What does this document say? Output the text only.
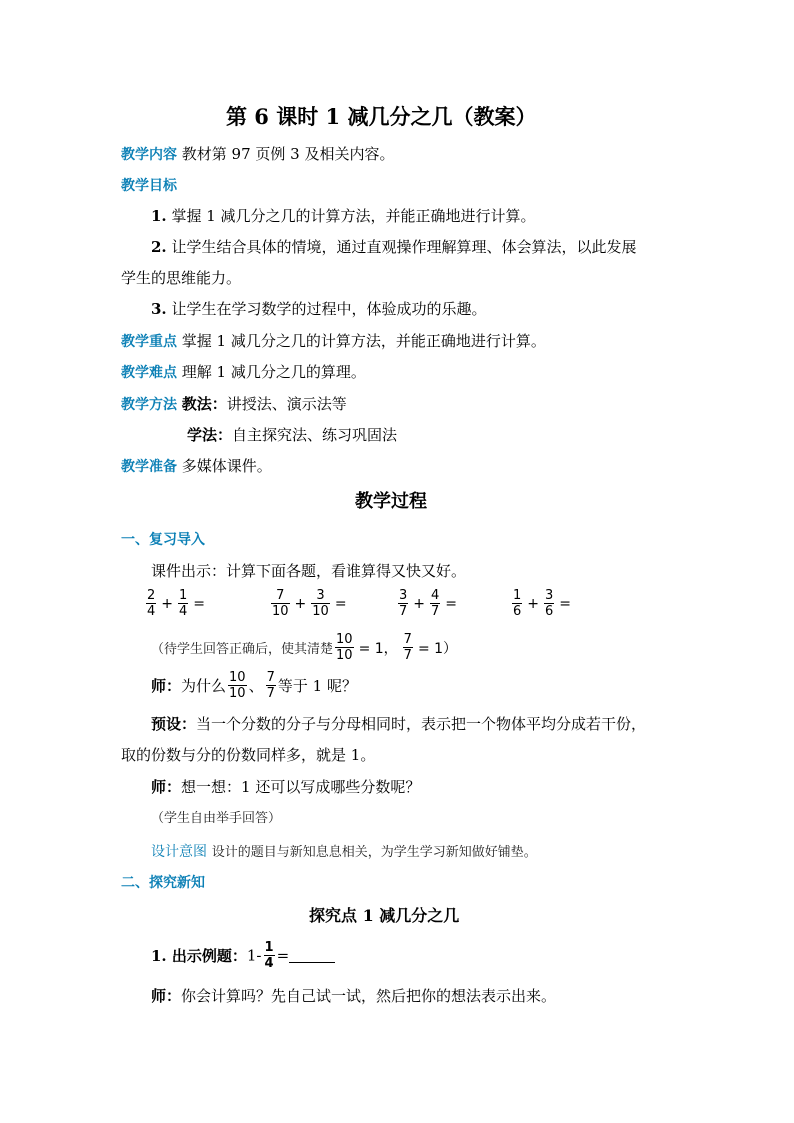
第 6 课时 1 减几分之几（教案）
教学内容 教材第 97 页例 3 及相关内容。
教学目标
1. 掌握 1 减几分之几的计算方法，并能正确地进行计算。
2. 让学生结合具体的情境，通过直观操作理解算理、体会算法，以此发展
学生的思维能力。
3. 让学生在学习数学的过程中，体验成功的乐趣。
教学重点 掌握 1 减几分之几的计算方法，并能正确地进行计算。
教学难点 理解 1 减几分之几的算理。
教学方法 教法：讲授法、演示法等
学法：自主探究法、练习巩固法
教学准备 多媒体课件。
教学过程
一、复习导入
课件出示：计算下面各题，看谁算得又快又好。
$\frac{2}{4} + \frac{1}{4}$ =	$\frac{7}{10} + \frac{3}{10}$ =	$\frac{3}{7} + \frac{4}{7}$ =	$\frac{1}{6} + \frac{3}{6}$ =
（待学生回答正确后，使其清楚 $\frac{10}{10} = 1$， $\frac{7}{7} = 1$）
师：为什么 $\frac{10}{10}$ 、 $\frac{7}{7}$ 等于 1 呢？
预设：当一个分数的分子与分母相同时，表示把一个物体平均分成若干份，
取的份数与分的份数同样多，就是 1。
师：想一想：1 还可以写成哪些分数呢？
（学生自由举手回答）
设计意图 设计的题目与新知息息相关，为学生学习新知做好铺垫。
二、探究新知
探究点 1 减几分之几
1. 出示例题：$1- \frac{1}{4}$ =
师：你会计算吗？先自己试一试，然后把你的想法表示出来。
